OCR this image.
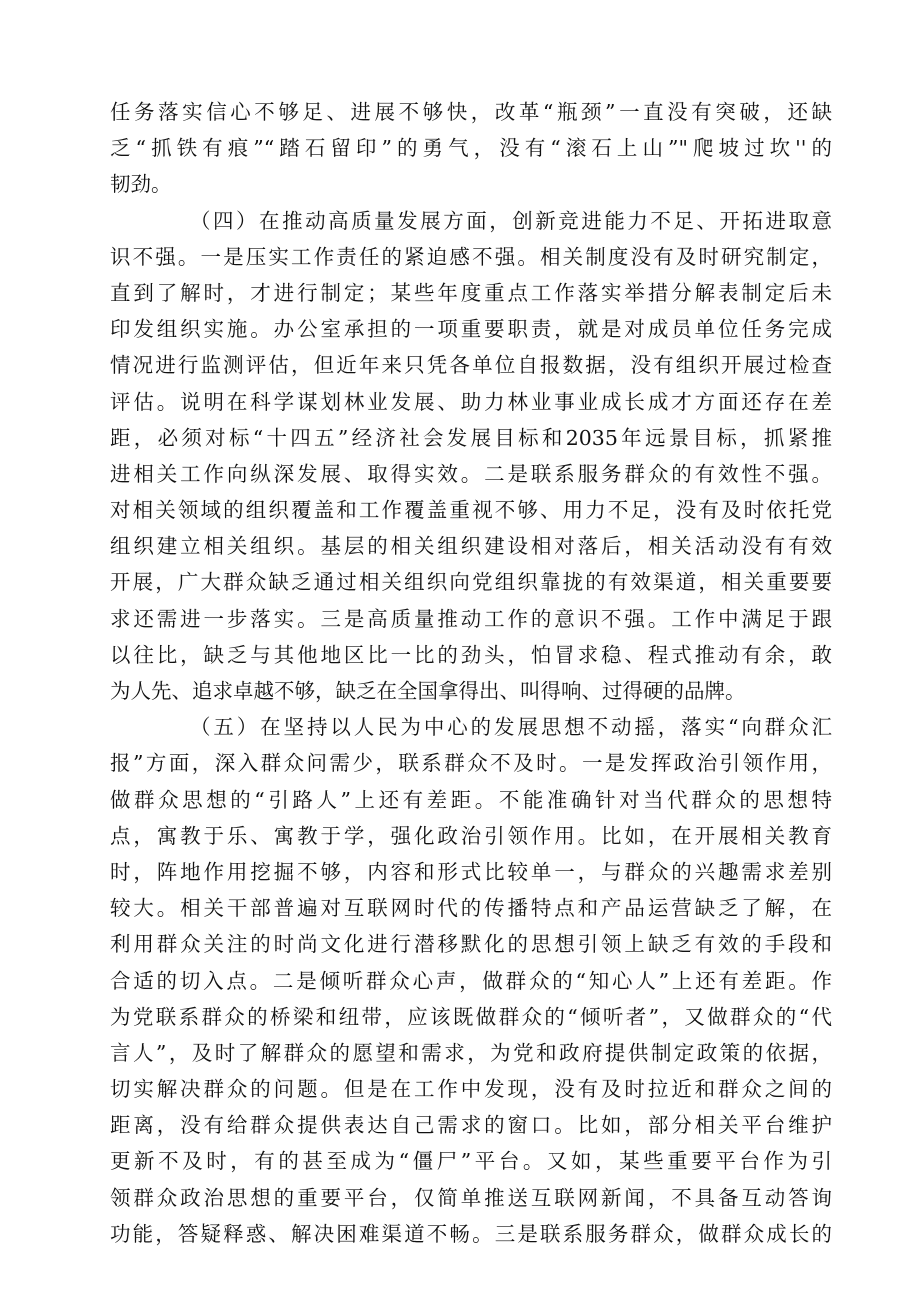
任务落实信心不够足、进展不够快，改革“瓶颈”一直没有突破，还缺
乏“抓铁有痕”“踏石留印”的勇气，没有“滚石上山”"爬坡过坎''的
韧劲。
（四）在推动高质量发展方面，创新竞进能力不足、开拓进取意
识不强。一是压实工作责任的紧迫感不强。相关制度没有及时研究制定，
直到了解时，才进行制定；某些年度重点工作落实举措分解表制定后未
印发组织实施。办公室承担的一项重要职责，就是对成员单位任务完成
情况进行监测评估，但近年来只凭各单位自报数据，没有组织开展过检查
评估。说明在科学谋划林业发展、助力林业事业成长成才方面还存在差
距，必须对标“十四五”经济社会发展目标和2035年远景目标，抓紧推
进相关工作向纵深发展、取得实效。二是联系服务群众的有效性不强。
对相关领域的组织覆盖和工作覆盖重视不够、用力不足，没有及时依托党
组织建立相关组织。基层的相关组织建设相对落后，相关活动没有有效
开展，广大群众缺乏通过相关组织向党组织靠拢的有效渠道，相关重要要
求还需进一步落实。三是高质量推动工作的意识不强。工作中满足于跟
以往比，缺乏与其他地区比一比的劲头，怕冒求稳、程式推动有余，敢
为人先、追求卓越不够，缺乏在全国拿得出、叫得响、过得硬的品牌。
（五）在坚持以人民为中心的发展思想不动摇，落实“向群众汇
报”方面，深入群众问需少，联系群众不及时。一是发挥政治引领作用，
做群众思想的“引路人”上还有差距。不能准确针对当代群众的思想特
点，寓教于乐、寓教于学，强化政治引领作用。比如，在开展相关教育
时，阵地作用挖掘不够，内容和形式比较单一，与群众的兴趣需求差别
较大。相关干部普遍对互联网时代的传播特点和产品运营缺乏了解，在
利用群众关注的时尚文化进行潜移默化的思想引领上缺乏有效的手段和
合适的切入点。二是倾听群众心声，做群众的“知心人”上还有差距。作
为党联系群众的桥梁和纽带，应该既做群众的“倾听者”，又做群众的“代
言人”，及时了解群众的愿望和需求，为党和政府提供制定政策的依据，
切实解决群众的问题。但是在工作中发现，没有及时拉近和群众之间的
距离，没有给群众提供表达自己需求的窗口。比如，部分相关平台维护
更新不及时，有的甚至成为“僵尸”平台。又如，某些重要平台作为引
领群众政治思想的重要平台，仅简单推送互联网新闻，不具备互动答询
功能，答疑释惑、解决困难渠道不畅。三是联系服务群众，做群众成长的
